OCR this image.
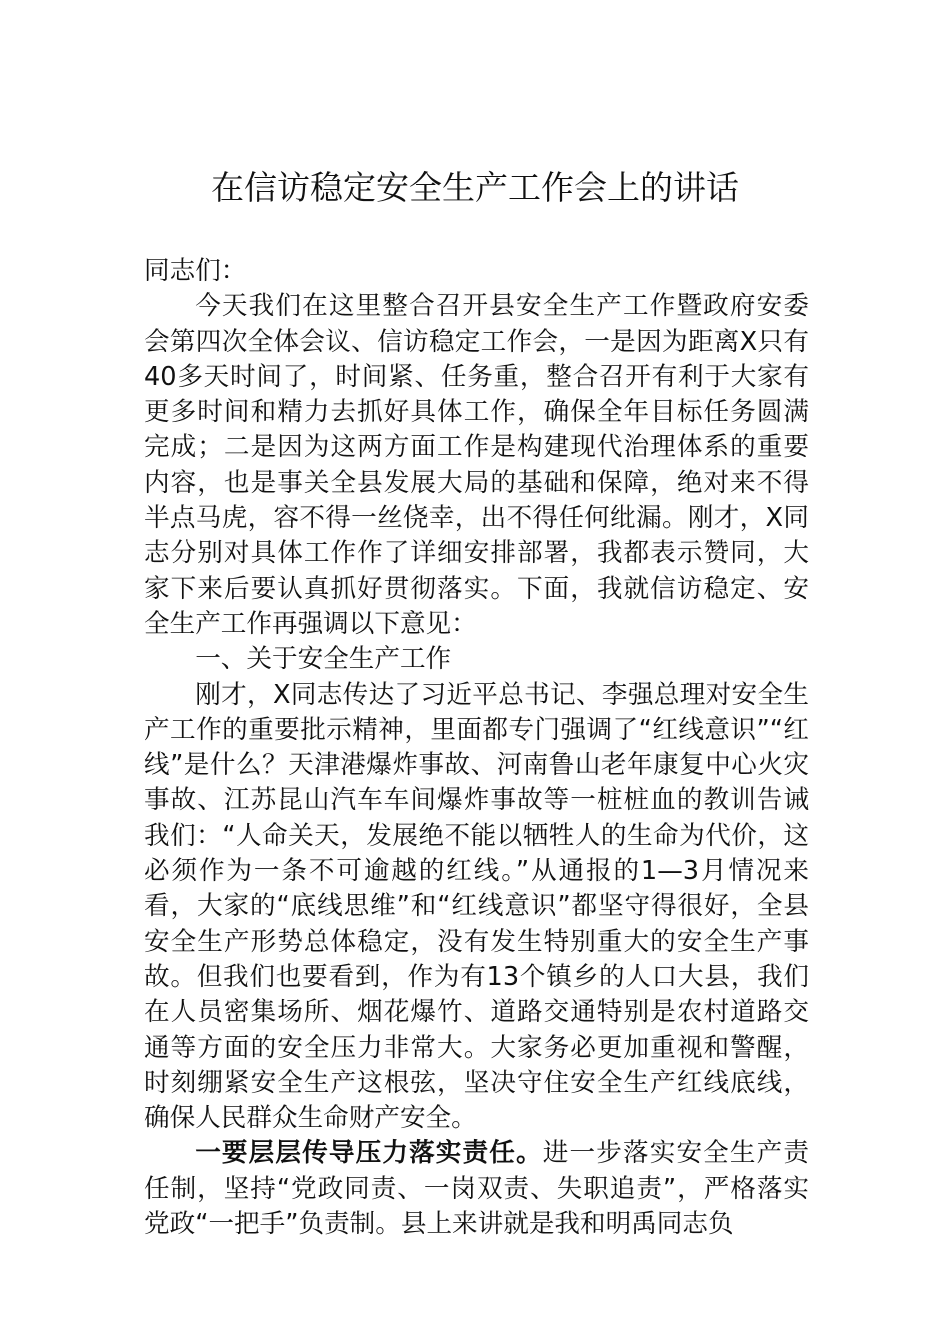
在信访稳定安全生产工作会上的讲话

同志们：

今天我们在这里整合召开县安全生产工作暨政府安委会第四次全体会议、信访稳定工作会，一是因为距离X只有40多天时间了，时间紧、任务重，整合召开有利于大家有更多时间和精力去抓好具体工作，确保全年目标任务圆满完成；二是因为这两方面工作是构建现代治理体系的重要内容，也是事关全县发展大局的基础和保障，绝对来不得半点马虎，容不得一丝侥幸，出不得任何纰漏。刚才，X同志分别对具体工作作了详细安排部署，我都表示赞同，大家下来后要认真抓好贯彻落实。下面，我就信访稳定、安全生产工作再强调以下意见：

一、关于安全生产工作

刚才，X同志传达了习近平总书记、李强总理对安全生产工作的重要批示精神，里面都专门强调了“红线意识”“红线”是什么？天津港爆炸事故、河南鲁山老年康复中心火灾事故、江苏昆山汽车车间爆炸事故等一桩桩血的教训告诫我们：“人命关天，发展绝不能以牺牲人的生命为代价，这必须作为一条不可逾越的红线。”从通报的1—3月情况来看，大家的“底线思维”和“红线意识”都坚守得很好，全县安全生产形势总体稳定，没有发生特别重大的安全生产事故。但我们也要看到，作为有13个镇乡的人口大县，我们在人员密集场所、烟花爆竹、道路交通特别是农村道路交通等方面的安全压力非常大。大家务必更加重视和警醒，时刻绷紧安全生产这根弦，坚决守住安全生产红线底线，确保人民群众生命财产安全。

一要层层传导压力落实责任。进一步落实安全生产责任制，坚持“党政同责、一岗双责、失职追责”，严格落实党政“一把手”负责制。县上来讲就是我和明禹同志负
